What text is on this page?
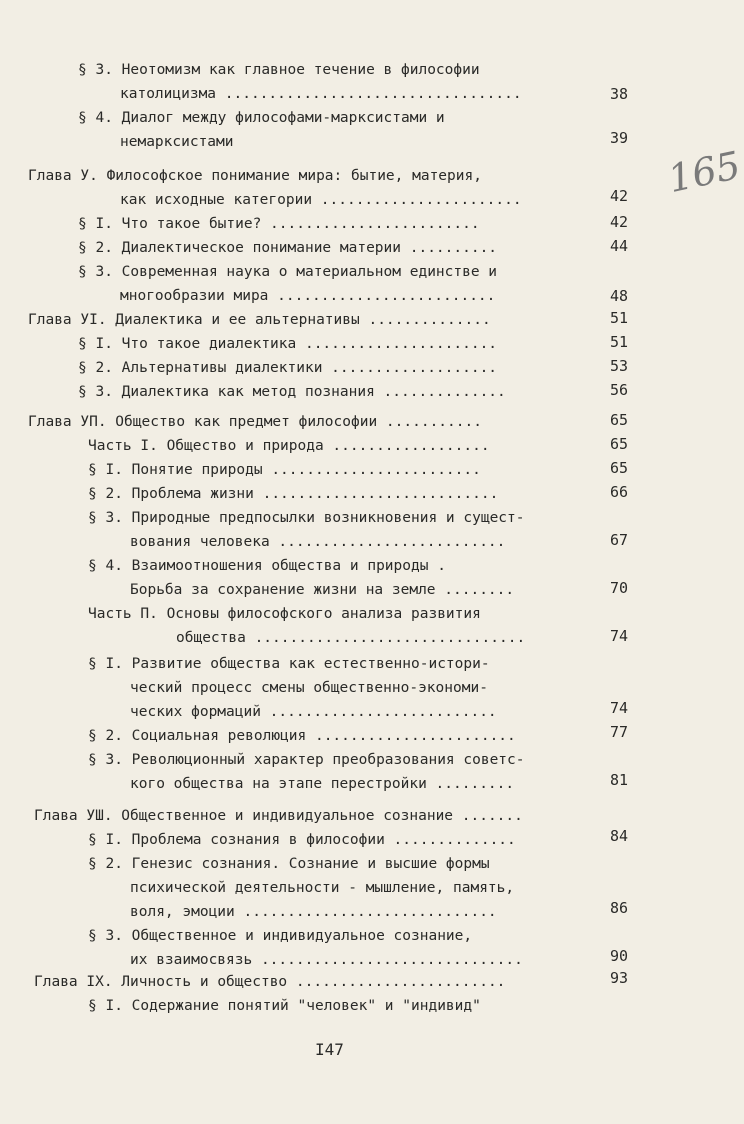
165
§ 3. Неотомизм как главное течение в философии
католицизма ..................................	38
§ 4. Диалог между философами-марксистами и
немарксистами	39
Глава У. Философское понимание мира: бытие, материя,
как исходные категории .......................	42
§ I. Что такое бытие? ........................	42
§ 2. Диалектическое понимание материи ..........	44
§ 3. Современная наука о материальном единстве и
многообразии мира .........................	48
Глава УI. Диалектика и ее альтернативы ..............	51
§ I. Что такое диалектика ......................	51
§ 2. Альтернативы диалектики ...................	53
§ 3. Диалектика как метод познания ..............	56
Глава УП. Общество как предмет философии ...........	65
Часть I. Общество и природа ..................	65
§ I. Понятие природы ........................	65
§ 2. Проблема жизни ...........................	66
§ 3. Природные предпосылки возникновения и сущест-
вования человека ..........................	67
§ 4. Взаимоотношения общества и природы .
Борьба за сохранение жизни на земле ........	70
Часть П. Основы философского анализа развития
общества ...............................	74
§ I. Развитие общества как естественно-истори-
ческий процесс смены общественно-экономи-
ческих формаций ..........................	74
§ 2. Социальная революция .......................	77
§ 3. Революционный характер преобразования советс-
кого общества на этапе перестройки .........	81
Глава УШ. Общественное и индивидуальное сознание .......
§ I. Проблема сознания в философии ..............	84
§ 2. Генезис сознания. Сознание и высшие формы
психической деятельности - мышление, память,
воля, эмоции .............................	86
§ 3. Общественное и индивидуальное сознание,
их взаимосвязь ..............................	90
Глава IX. Личность и общество ........................	93
§ I. Содержание понятий "человек" и "индивид"
I47
